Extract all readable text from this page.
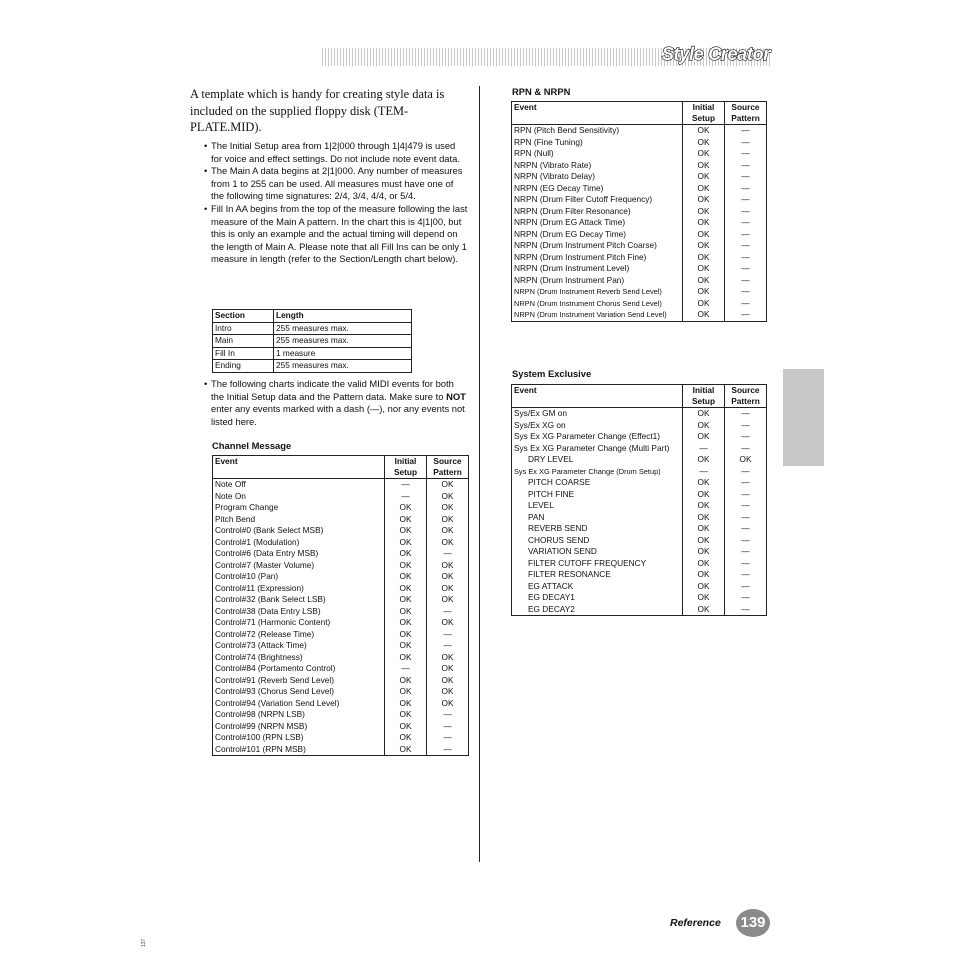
Style Creator
A template which is handy for creating style data is included on the supplied floppy disk (TEM-PLATE.MID).
• The Initial Setup area from 1|2|000 through 1|4|479 is used for voice and effect settings. Do not include note event data.
• The Main A data begins at 2|1|000. Any number of measures from 1 to 255 can be used. All measures must have one of the following time signatures: 2/4, 3/4, 4/4, or 5/4.
• Fill In AA begins from the top of the measure following the last measure of the Main A pattern. In the chart this is 4|1|00, but this is only an example and the actual timing will depend on the length of Main A. Please note that all Fill Ins can be only 1 measure in length (refer to the Section/Length chart below).
Section	Length
Intro	255 measures max.
Main	255 measures max.
Fill In	1 measure
Ending	255 measures max.
• The following charts indicate the valid MIDI events for both the Initial Setup data and the Pattern data. Make sure to NOT enter any events marked with a dash (—), nor any events not listed here.
Channel Message
Event	Initial Setup	Source Pattern
Note Off	—	OK
Note On	—	OK
Program Change	OK	OK
Pitch Bend	OK	OK
Control#0 (Bank Select MSB)	OK	OK
Control#1 (Modulation)	OK	OK
Control#6 (Data Entry MSB)	OK	—
Control#7 (Master Volume)	OK	OK
Control#10 (Pan)	OK	OK
Control#11 (Expression)	OK	OK
Control#32 (Bank Select LSB)	OK	OK
Control#38 (Data Entry LSB)	OK	—
Control#71 (Harmonic Content)	OK	OK
Control#72 (Release Time)	OK	—
Control#73 (Attack Time)	OK	—
Control#74 (Brightness)	OK	OK
Control#84 (Portamento Control)	—	OK
Control#91 (Reverb Send Level)	OK	OK
Control#93 (Chorus Send Level)	OK	OK
Control#94 (Variation Send Level)	OK	OK
Control#98 (NRPN LSB)	OK	—
Control#99 (NRPN MSB)	OK	—
Control#100 (RPN LSB)	OK	—
Control#101 (RPN MSB)	OK	—
RPN & NRPN
Event	Initial Setup	Source Pattern
RPN (Pitch Bend Sensitivity)	OK	—
RPN (Fine Tuning)	OK	—
RPN (Null)	OK	—
NRPN (Vibrato Rate)	OK	—
NRPN (Vibrato Delay)	OK	—
NRPN (EG Decay Time)	OK	—
NRPN (Drum Filter Cutoff Frequency)	OK	—
NRPN (Drum Filter Resonance)	OK	—
NRPN (Drum EG Attack Time)	OK	—
NRPN (Drum EG Decay Time)	OK	—
NRPN (Drum Instrument Pitch Coarse)	OK	—
NRPN (Drum Instrument Pitch Fine)	OK	—
NRPN (Drum Instrument Level)	OK	—
NRPN (Drum Instrument Pan)	OK	—
NRPN (Drum Instrument Reverb Send Level)	OK	—
NRPN (Drum Instrument Chorus Send Level)	OK	—
NRPN (Drum Instrument Variation Send Level)	OK	—
System Exclusive
Event	Initial Setup	Source Pattern
Sys/Ex GM on	OK	—
Sys/Ex XG on	OK	—
Sys Ex XG Parameter Change (Effect1)	OK	—
Sys Ex XG Parameter Change (Multi Part)	—	—
DRY LEVEL	OK	OK
Sys Ex XG Parameter Change (Drum Setup)	—	—
PITCH COARSE	OK	—
PITCH FINE	OK	—
LEVEL	OK	—
PAN	OK	—
REVERB SEND	OK	—
CHORUS SEND	OK	—
VARIATION SEND	OK	—
FILTER CUTOFF FREQUENCY	OK	—
FILTER RESONANCE	OK	—
EG ATTACK	OK	—
EG DECAY1	OK	—
EG DECAY2	OK	—
Reference 139
137
